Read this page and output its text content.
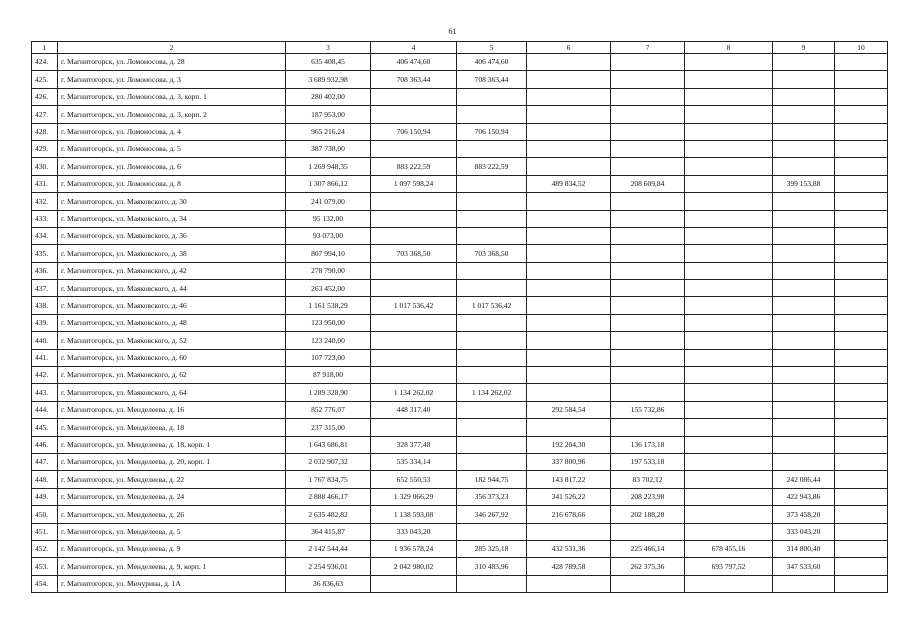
61
1	2	3	4	5	6	7	8	9	10
424.	г. Магнитогорск, ул. Ломоносова, д. 28	635 408,45	406 474,60	406 474,60					
425.	г. Магнитогорск, ул. Ломоносова, д. 3	3 689 932,98	708 363,44	708 363,44					
426.	г. Магнитогорск, ул. Ломоносова, д. 3, корп. 1	280 402,00							
427.	г. Магнитогорск, ул. Ломоносова, д. 3, корп. 2	187 953,00							
428.	г. Магнитогорск, ул. Ломоносова, д. 4	965 216,24	706 150,94	706 150,94					
429.	г. Магнитогорск, ул. Ломоносова, д. 5	387 738,00							
430.	г. Магнитогорск, ул. Ломоносова, д. 6	1 269 948,35	883 222,59	883 222,59					
431.	г. Магнитогорск, ул. Ломоносова, д. 8	1 307 866,12	1 097 598,24		489 834,52	208 609,84		399 153,88	
432.	г. Магнитогорск, ул. Маяковского, д. 30	241 079,00							
433.	г. Магнитогорск, ул. Маяковского, д. 34	95 132,00							
434.	г. Магнитогорск, ул. Маяковского, д. 36	93 073,00							
435.	г. Магнитогорск, ул. Маяковского, д. 38	807 994,10	703 368,50	703 368,50					
436.	г. Магнитогорск, ул. Маяковского, д. 42	278 790,00							
437.	г. Магнитогорск, ул. Маяковского, д. 44	263 452,00							
438.	г. Магнитогорск, ул. Маяковского, д. 46	1 161 538,29	1 017 536,42	1 017 536,42					
439.	г. Магнитогорск, ул. Маяковского, д. 48	123 950,00							
440.	г. Магнитогорск, ул. Маяковского, д. 52	123 240,00							
441.	г. Магнитогорск, ул. Маяковского, д. 60	107 723,00							
442.	г. Магнитогорск, ул. Маяковского, д. 62	87 918,00							
443.	г. Магнитогорск, ул. Маяковского, д. 64	1 289 328,90	1 134 262,02	1 134 262,02					
444.	г. Магнитогорск, ул. Менделеева, д. 16	852 776,07	448 317,40		292 584,54	155 732,86			
445.	г. Магнитогорск, ул. Менделеева, д. 18	237 315,00							
446.	г. Магнитогорск, ул. Менделеева, д. 18, корп. 1	1 643 686,81	328 377,48		192 204,30	136 173,18			
447.	г. Магнитогорск, ул. Менделеева, д. 20, корп. 1	2 032 907,32	535 334,14		337 800,96	197 533,18			
448.	г. Магнитогорск, ул. Менделеева, д. 22	1 767 834,75	652 550,53	182 944,75	143 817,22	83 702,12		242 086,44	
449.	г. Магнитогорск, ул. Менделеева, д. 24	2 888 466,17	1 329 066,29	356 373,23	341 526,22	208 223,98		422 943,86	
450.	г. Магнитогорск, ул. Менделеева, д. 26	2 635 482,82	1 138 593,08	346 267,92	216 678,66	202 188,28		373 458,20	
451.	г. Магнитогорск, ул. Менделеева, д. 5	364 415,87	333 043,20					333 043,20	
452.	г. Магнитогорск, ул. Менделеева, д. 9	2 142 544,44	1 936 578,24	285 325,18	432 531,36	225 466,14	678 455,16	314 800,40	
453.	г. Магнитогорск, ул. Менделеева, д. 9, корп. 1	2 254 936,01	2 042 980,02	310 483,96	428 789,58	262 375,36	693 797,52	347 533,60	
454.	г. Магнитогорск, ул. Мичурина, д. 1А	36 836,63							
